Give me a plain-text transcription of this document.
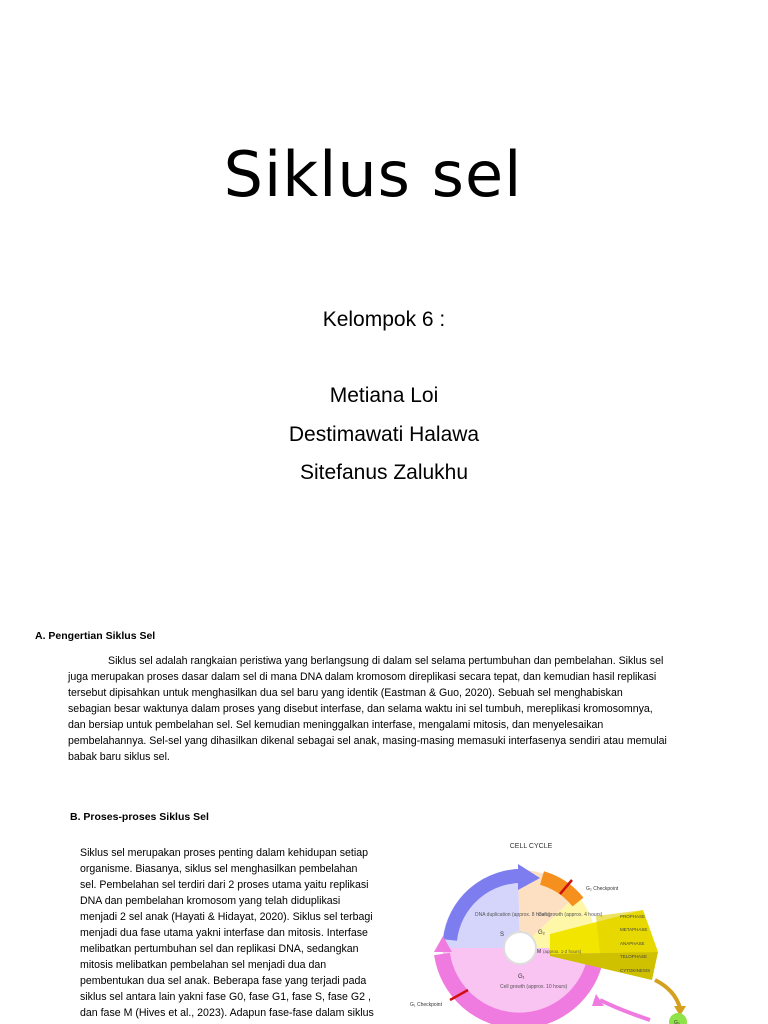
Siklus sel
Kelompok 6 :
Metiana Loi
Destimawati Halawa
Sitefanus Zalukhu
A. Pengertian Siklus Sel

Siklus sel adalah rangkaian peristiwa yang berlangsung di dalam sel selama pertumbuhan dan pembelahan. Siklus sel juga merupakan proses dasar dalam sel di mana DNA dalam kromosom direplikasi secara tepat, dan kemudian hasil replikasi tersebut dipisahkan untuk menghasilkan dua sel baru yang identik (Eastman & Guo, 2020). Sebuah sel menghabiskan sebagian besar waktunya dalam proses yang disebut interfase, dan selama waktu ini sel tumbuh, mereplikasi kromosomnya, dan bersiap untuk pembelahan sel. Sel kemudian meninggalkan interfase, mengalami mitosis, dan menyelesaikan pembelahannya. Sel-sel yang dihasilkan dikenal sebagai sel anak, masing-masing memasuki interfasenya sendiri atau memulai babak baru siklus sel.

B. Proses-proses Siklus Sel

Siklus sel merupakan proses penting dalam kehidupan setiap organisme. Biasanya, siklus sel menghasilkan pembelahan sel. Pembelahan sel terdiri dari 2 proses utama yaitu replikasi DNA dan pembelahan kromosom yang telah diduplikasi menjadi 2 sel anak (Hayati & Hidayat, 2020). Siklus sel terbagi menjadi dua fase utama yakni interfase dan mitosis. Interfase melibatkan pertumbuhan sel dan replikasi DNA, sedangkan mitosis melibatkan pembelahan sel menjadi dua dan pembentukan dua sel anak. Beberapa fase yang terjadi pada siklus sel antara lain yakni fase G0, fase G1, fase S, fase G2 , dan fase M (Hives et al., 2023). Adapun fase-fase dalam siklus

CELL CYCLE
PROPHASE
METAPHASE
ANAPHASE
TELOPHASE
CYTOKINESIS
DNA duplication (approx. 8 hours)
S
Cell growth (approx. 4 hours)
G₂
M (approx. 1-2 hours)
G₁
Cell growth (approx. 10 hours)
G₂ Checkpoint
G₁ Checkpoint
G₀
